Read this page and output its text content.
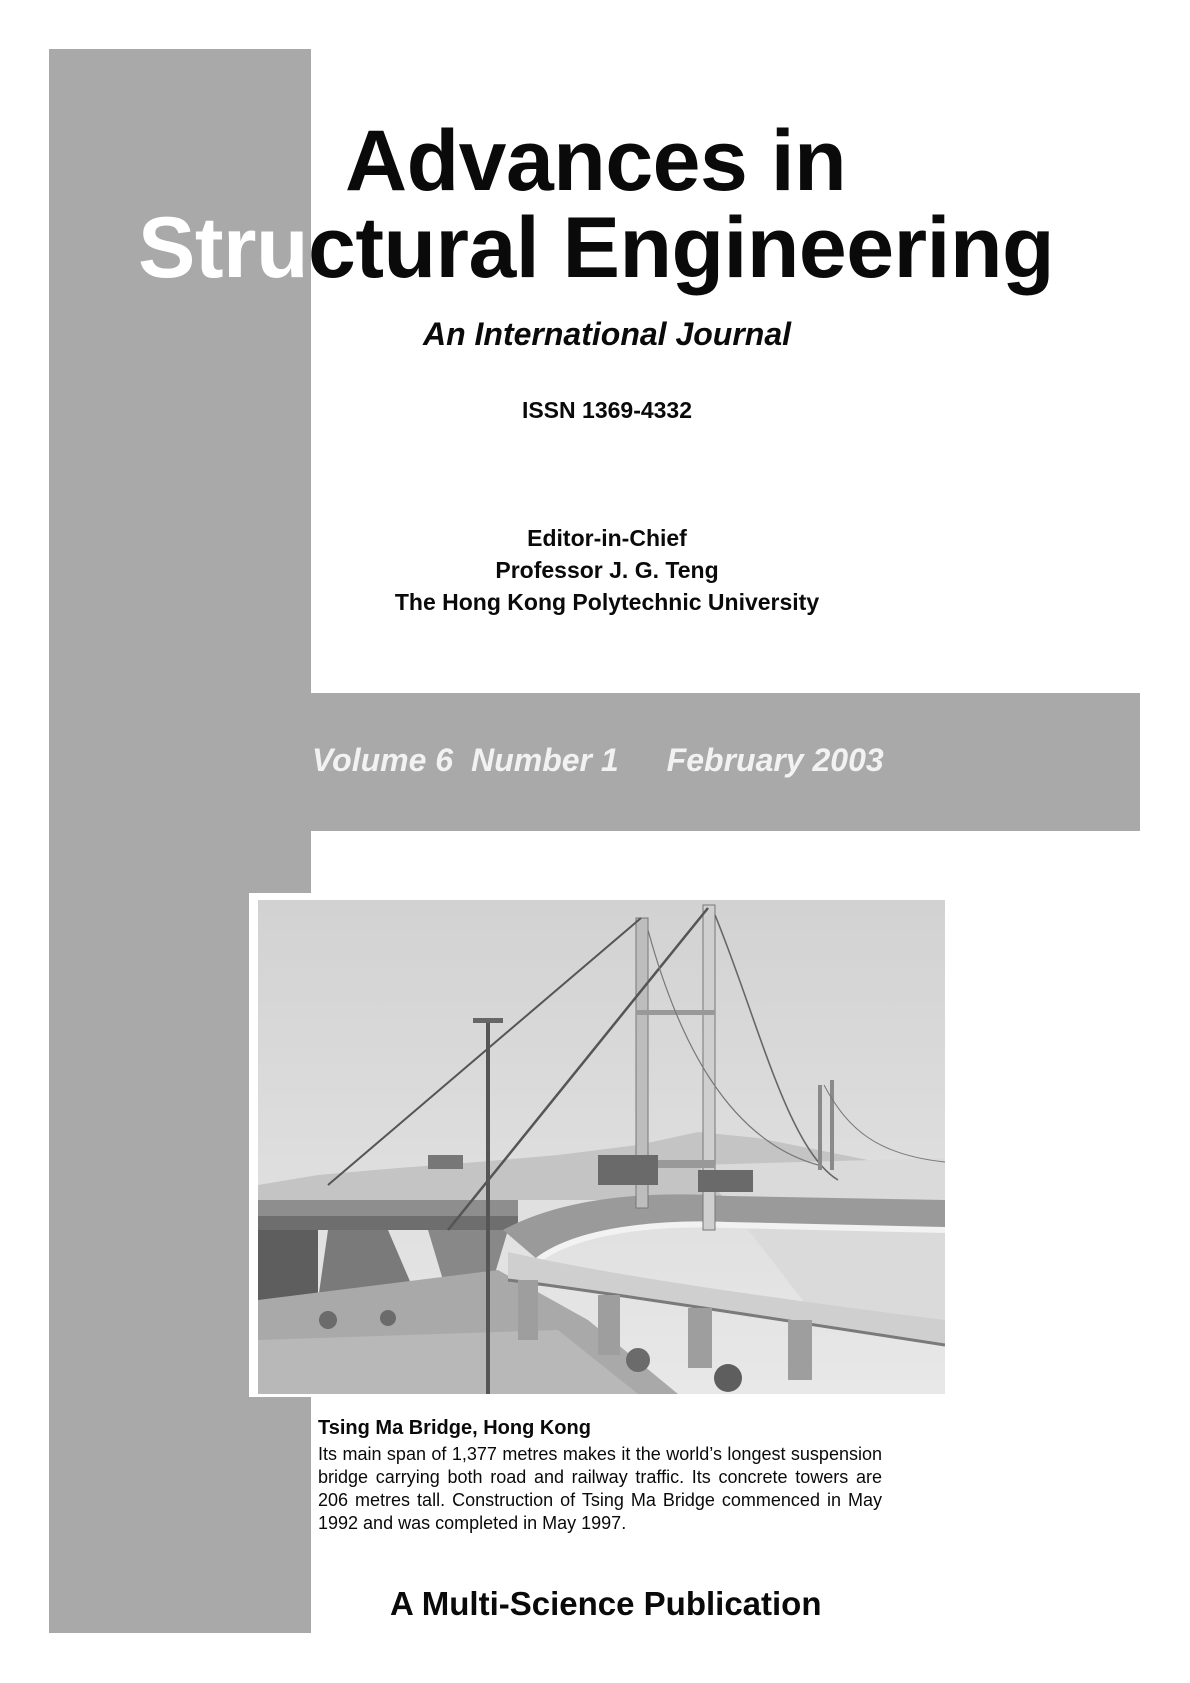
Advances in
Structural Engineering
An International Journal
ISSN 1369-4332
Editor-in-Chief
Professor J. G. Teng
The Hong Kong Polytechnic University
Volume 6 Number 1 February 2003
Tsing Ma Bridge, Hong Kong
Its main span of 1,377 metres makes it the world’s longest suspension bridge carrying both road and railway traffic. Its concrete towers are 206 metres tall. Construction of Tsing Ma Bridge commenced in May 1992 and was completed in May 1997.
A Multi-Science Publication
